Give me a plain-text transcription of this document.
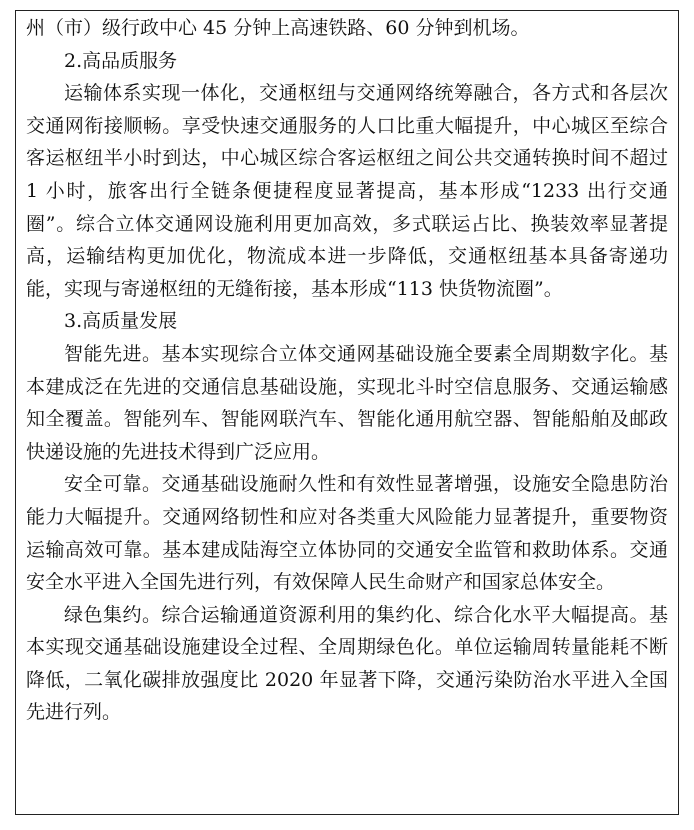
州（市）级行政中心 45 分钟上高速铁路、60 分钟到机场。

2.高品质服务

运输体系实现一体化，交通枢纽与交通网络统筹融合，各方式和各层次交通网衔接顺畅。享受快速交通服务的人口比重大幅提升，中心城区至综合客运枢纽半小时到达，中心城区综合客运枢纽之间公共交通转换时间不超过 1 小时，旅客出行全链条便捷程度显著提高，基本形成“1233 出行交通圈”。综合立体交通网设施利用更加高效，多式联运占比、换装效率显著提高，运输结构更加优化，物流成本进一步降低，交通枢纽基本具备寄递功能，实现与寄递枢纽的无缝衔接，基本形成“113 快货物流圈”。

3.高质量发展

智能先进。基本实现综合立体交通网基础设施全要素全周期数字化。基本建成泛在先进的交通信息基础设施，实现北斗时空信息服务、交通运输感知全覆盖。智能列车、智能网联汽车、智能化通用航空器、智能船舶及邮政快递设施的先进技术得到广泛应用。

安全可靠。交通基础设施耐久性和有效性显著增强，设施安全隐患防治能力大幅提升。交通网络韧性和应对各类重大风险能力显著提升，重要物资运输高效可靠。基本建成陆海空立体协同的交通安全监管和救助体系。交通安全水平进入全国先进行列，有效保障人民生命财产和国家总体安全。

绿色集约。综合运输通道资源利用的集约化、综合化水平大幅提高。基本实现交通基础设施建设全过程、全周期绿色化。单位运输周转量能耗不断降低，二氧化碳排放强度比 2020 年显著下降，交通污染防治水平进入全国先进行列。
